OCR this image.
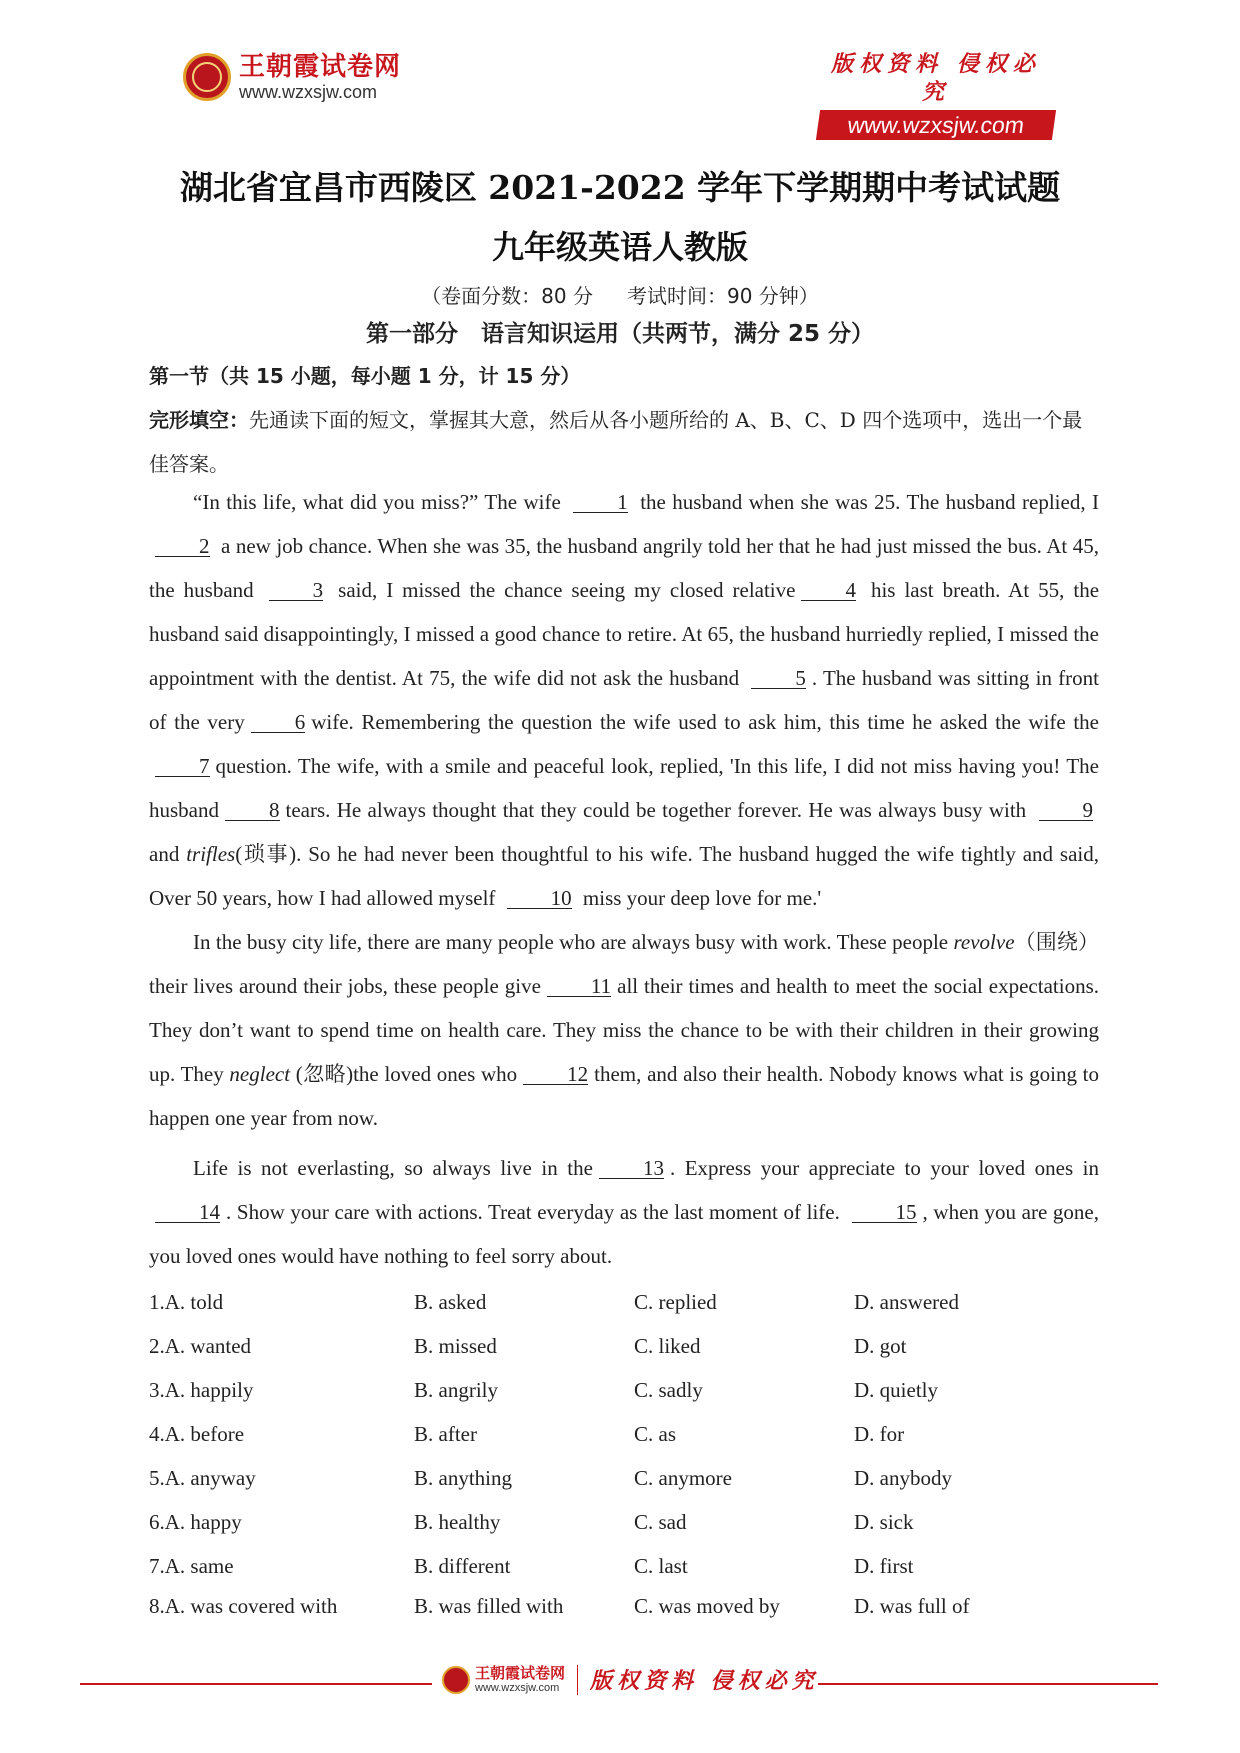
王朝霞试卷网
www.wzxsjw.com
版权资料 侵权必究
www.wzxsjw.com
湖北省宜昌市西陵区 2021-2022 学年下学期期中考试试题
九年级英语人教版
（卷面分数：80 分 考试时间：90 分钟）
第一部分　语言知识运用（共两节，满分 25 分）
第一节（共 15 小题，每小题 1 分，计 15 分）
完形填空：先通读下面的短文，掌握其大意，然后从各小题所给的 A、B、C、D 四个选项中，选出一个最佳答案。

“In this life, what did you miss?” The wife	1 the husband when she was 25. The husband replied, I 2 a new job chance. When she was 35, the husband angrily told her that he had just missed the bus. At 45, the husband	3 said, I missed the chance seeing my closed relative 4 his last breath. At 55, the husband said disappointingly, I missed a good chance to retire. At 65, the husband hurriedly replied, I missed the appointment with the dentist. At 75, the wife did not ask the husband	5 . The husband was sitting in front of the very 6 wife. Remembering the question the wife used to ask him, this time he asked the wife the7 question. The wife, with a smile and peaceful look, replied, 'In this life, I did not miss having you! The husband 8 tears. He always thought that they could be together forever. He was always busy with	9 and trifles(琐事). So he had never been thoughtful to his wife. The husband hugged the wife tightly and said, Over 50 years, how I had allowed myself	10 miss your deep love for me.'

In the busy city life, there are many people who are always busy with work. These people revolve（围绕） their lives around their jobs, these people give 11 all their times and health to meet the social expectations. They don’t want to spend time on health care. They miss the chance to be with their children in their growing up. They neglect (忽略)the loved ones who 12 them, and also their health. Nobody knows what is going to happen one year from now.

Life is not everlasting, so always live in the 13 . Express your appreciate to your loved ones in 14 . Show your care with actions. Treat everyday as the last moment of life.	15 , when you are gone, you loved ones would have nothing to feel sorry about.

1.A. told	B. asked	C. replied	D. answered
2.A. wanted	B. missed	C. liked	D. got
3.A. happily	B. angrily	C. sadly	D. quietly
4.A. before	B. after	C. as	D. for
5.A. anyway	B. anything	C. anymore	D. anybody
6.A. happy	B. healthy	C. sad	D. sick
7.A. same	B. different	C. last	D. first
8.A. was covered with	B. was filled with	C. was moved by	D. was full of
王朝霞试卷网
www.wzxsjw.com 版权资料 侵权必究
